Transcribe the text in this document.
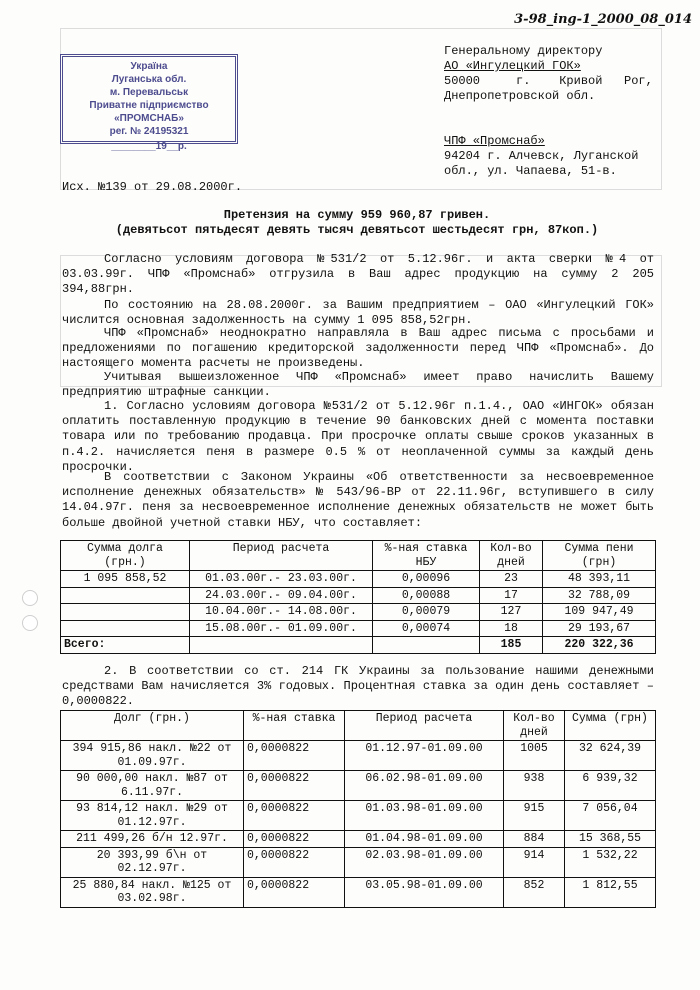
3-98_ing-1_2000_08_014
Україна
Луганська обл.
м. Перевальськ
Приватне підприємство
«ПРОМСНАБ»
рег. № 24195321
________19__р.
Генеральному директору
АО «Ингулецкий ГОК»
50000     г.    Кривой   Рог,
Днепропетровской обл.
ЧПФ «Промснаб»
94204 г. Алчевск, Луганской
обл., ул. Чапаева, 51-в.
Исх. №139 от 29.08.2000г.
Претензия на сумму 959 960,87 гривен.
(девятьсот пятьдесят девять тысяч девятьсот шестьдесят грн, 87коп.)
Согласно условиям договора №531/2 от 5.12.96г. и акта сверки №4 от 03.03.99г. ЧПФ «Промснаб» отгрузила в Ваш адрес продукцию на сумму 2 205 394,88грн.
По состоянию на 28.08.2000г. за Вашим предприятием – ОАО «Ингулецкий ГОК» числится основная задолженность на сумму 1 095 858,52грн.
ЧПФ «Промснаб» неоднократно направляла в Ваш адрес письма с просьбами и предложениями по погашению кредиторской задолженности перед ЧПФ «Промснаб». До настоящего момента расчеты не произведены.
Учитывая вышеизложенное ЧПФ «Промснаб» имеет право начислить Вашему предприятию штрафные санкции.
1. Согласно условиям договора №531/2 от 5.12.96г п.1.4., ОАО «ИНГОК» обязан оплатить поставленную продукцию в течение 90 банковских дней с момента поставки товара или по требованию продавца. При просрочке оплаты свыше сроков указанных в п.4.2. начисляется пеня в размере 0.5 % от неоплаченной суммы за каждый день просрочки.
В соответствии с Законом Украины «Об ответственности за несвоевременное исполнение денежных обязательств» № 543/96-ВР от 22.11.96г, вступившего в силу 14.04.97г. пеня за несвоевременное исполнение денежных обязательств не может быть больше двойной учетной ставки НБУ, что составляет:
Сумма долга (грн.)	Период расчета	%-ная ставка НБУ	Кол-во дней	Сумма пени (грн)
1 095 858,52	01.03.00г.- 23.03.00г.	0,00096	23	48 393,11
	24.03.00г.- 09.04.00г.	0,00088	17	32 788,09
	10.04.00г.- 14.08.00г.	0,00079	127	109 947,49
	15.08.00г.- 01.09.00г.	0,00074	18	29 193,67
Всего:			185	220 322,36
2. В соответствии со ст. 214 ГК Украины за пользование нашими денежными средствами Вам начисляется 3% годовых. Процентная ставка за один день составляет – 0,0000822.
Долг (грн.)	%-ная ставка	Период расчета	Кол-во дней	Сумма (грн)
394 915,86 накл. №22 от 01.09.97г.	0,0000822	01.12.97-01.09.00	1005	32 624,39
90 000,00 накл. №87 от 6.11.97г.	0,0000822	06.02.98-01.09.00	938	6 939,32
93 814,12 накл. №29 от 01.12.97г.	0,0000822	01.03.98-01.09.00	915	7 056,04
211 499,26 б/н 12.97г.	0,0000822	01.04.98-01.09.00	884	15 368,55
20 393,99 б\н от 02.12.97г.	0,0000822	02.03.98-01.09.00	914	1 532,22
25 880,84 накл. №125 от 03.02.98г.	0,0000822	03.05.98-01.09.00	852	1 812,55
